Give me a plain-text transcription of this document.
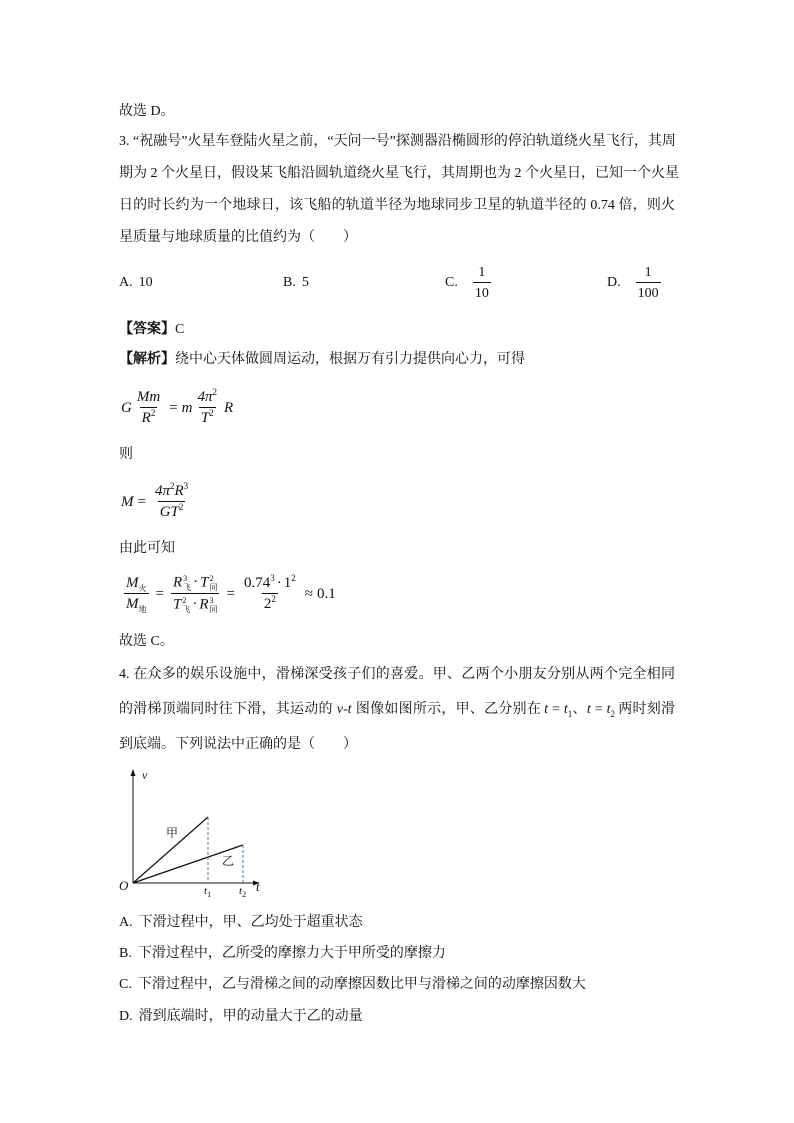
故选 D。
3. “祝融号”火星车登陆火星之前，“天问一号”探测器沿椭圆形的停泊轨道绕火星飞行，其周
期为 2 个火星日，假设某飞船沿圆轨道绕火星飞行，其周期也为 2 个火星日，已知一个火星
日的时长约为一个地球日，该飞船的轨道半径为地球同步卫星的轨道半径的 0.74 倍，则火
星质量与地球质量的比值约为（　　）
A. 10	B. 5	C. $\frac{1}{10}$	D. $\frac{1}{100}$
【答案】C
【解析】绕中心天体做圆周运动，根据万有引力提供向心力，可得
G $\frac{Mm}{R^2} = m \frac{4\pi^2}{T^2}$ R
则
$M = \frac{4\pi^2R^3}{GT^2}$
由此可知
$\frac{M_火}{M_地} = R$ 3
飞 · T 2
同
T 2
飞 · R 3
同 = $\frac{0.74^3 \cdot 1^2}{2^2} \approx 0.1$
故选 C。
4. 在众多的娱乐设施中，滑梯深受孩子们的喜爱。甲、乙两个小朋友分别从两个完全相同
的滑梯顶端同时往下滑，其运动的 v-t 图像如图所示，甲、乙分别在 $t = t_1$、$t = t_2$ 两时刻滑
到底端。下列说法中正确的是（　　）
v
O	t
甲
乙
$t_1$	$t_2$
A. 下滑过程中，甲、乙均处于超重状态
B. 下滑过程中，乙所受的摩擦力大于甲所受的摩擦力
C. 下滑过程中，乙与滑梯之间的动摩擦因数比甲与滑梯之间的动摩擦因数大
D. 滑到底端时，甲的动量大于乙的动量
